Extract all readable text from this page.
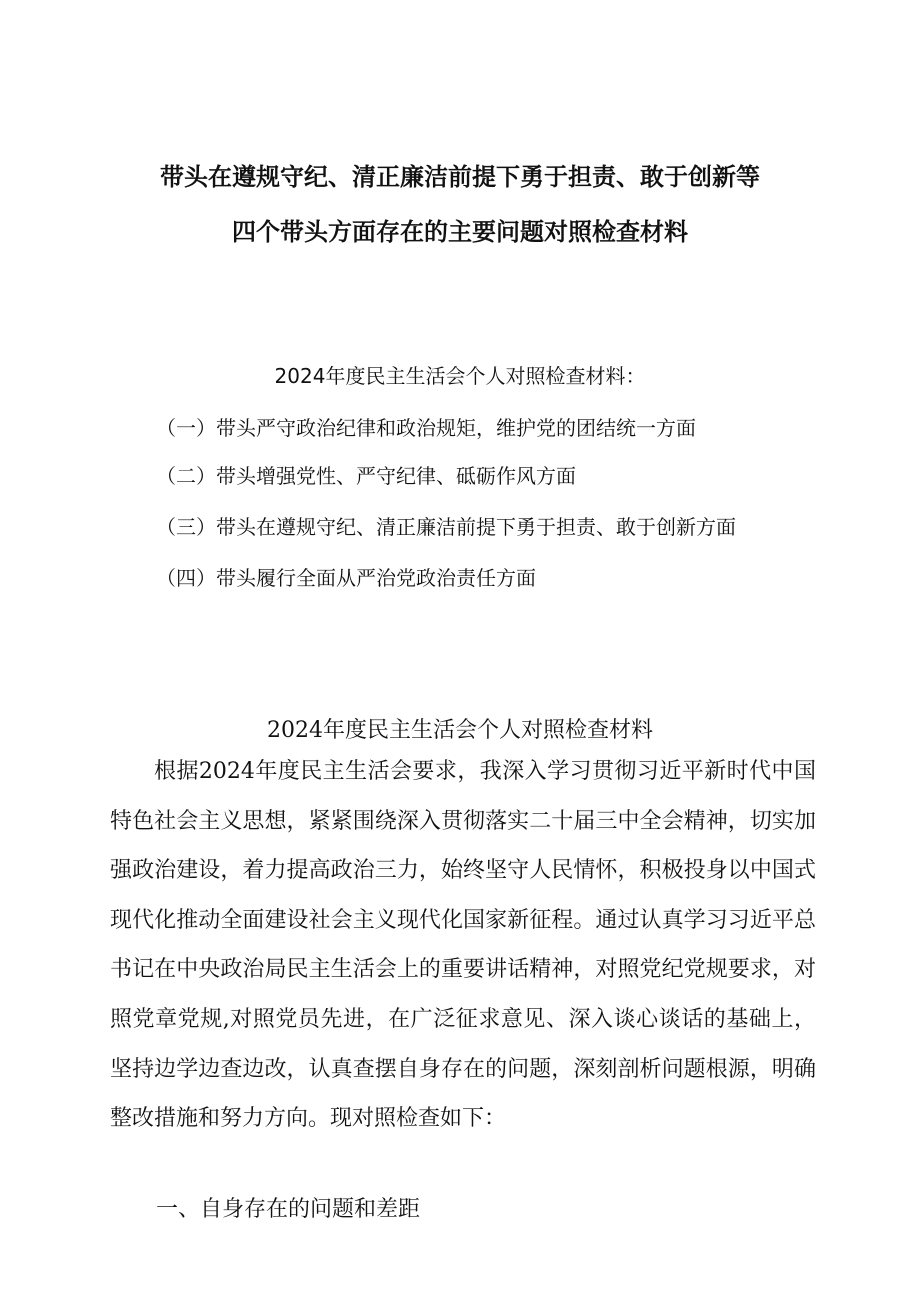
带头在遵规守纪、清正廉洁前提下勇于担责、敢于创新等
四个带头方面存在的主要问题对照检查材料
2024年度民主生活会个人对照检查材料：
（一）带头严守政治纪律和政治规矩，维护党的团结统一方面
（二）带头增强党性、严守纪律、砥砺作风方面
（三）带头在遵规守纪、清正廉洁前提下勇于担责、敢于创新方面
（四）带头履行全面从严治党政治责任方面
2024年度民主生活会个人对照检查材料

根据2024年度民主生活会要求，我深入学习贯彻习近平新时代中国特色社会主义思想，紧紧围绕深入贯彻落实二十届三中全会精神，切实加强政治建设，着力提高政治三力，始终坚守人民情怀，积极投身以中国式现代化推动全面建设社会主义现代化国家新征程。通过认真学习习近平总书记在中央政治局民主生活会上的重要讲话精神，对照党纪党规要求，对照党章党规,对照党员先进，在广泛征求意见、深入谈心谈话的基础上，坚持边学边查边改，认真查摆自身存在的问题，深刻剖析问题根源，明确整改措施和努力方向。现对照检查如下：

一、自身存在的问题和差距
